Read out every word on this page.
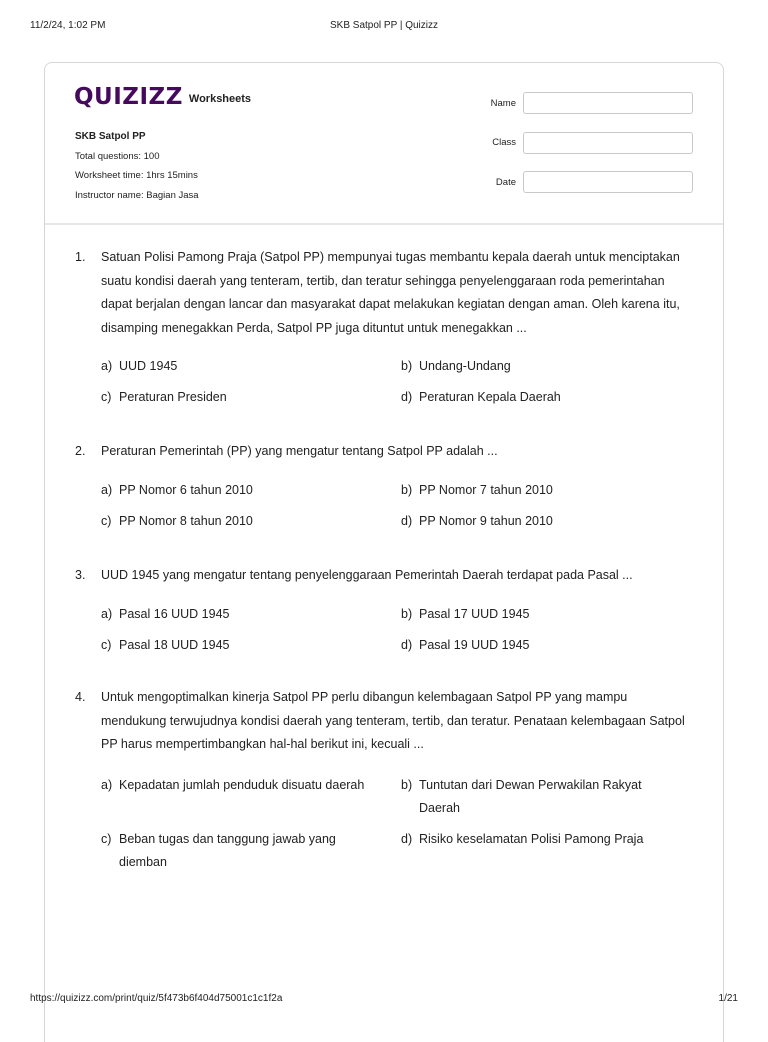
11/2/24, 1:02 PM	SKB Satpol PP | Quizizz
QUIZIZZ Worksheets
SKB Satpol PP
Total questions: 100
Worksheet time: 1hrs 15mins
Instructor name: Bagian Jasa
Name
Class
Date
1. Satuan Polisi Pamong Praja (Satpol PP) mempunyai tugas membantu kepala daerah untuk menciptakan suatu kondisi daerah yang tenteram, tertib, dan teratur sehingga penyelenggaraan roda pemerintahan dapat berjalan dengan lancar dan masyarakat dapat melakukan kegiatan dengan aman. Oleh karena itu, disamping menegakkan Perda, Satpol PP juga dituntut untuk menegakkan ...
a) UUD 1945	b) Undang-Undang
c) Peraturan Presiden	d) Peraturan Kepala Daerah
2. Peraturan Pemerintah (PP) yang mengatur tentang Satpol PP adalah ...
a) PP Nomor 6 tahun 2010	b) PP Nomor 7 tahun 2010
c) PP Nomor 8 tahun 2010	d) PP Nomor 9 tahun 2010
3. UUD 1945 yang mengatur tentang penyelenggaraan Pemerintah Daerah terdapat pada Pasal ...
a) Pasal 16 UUD 1945	b) Pasal 17 UUD 1945
c) Pasal 18 UUD 1945	d) Pasal 19 UUD 1945
4. Untuk mengoptimalkan kinerja Satpol PP perlu dibangun kelembagaan Satpol PP yang mampu mendukung terwujudnya kondisi daerah yang tenteram, tertib, dan teratur. Penataan kelembagaan Satpol PP harus mempertimbangkan hal-hal berikut ini, kecuali ...
a) Kepadatan jumlah penduduk disuatu daerah	b) Tuntutan dari Dewan Perwakilan Rakyat Daerah
c) Beban tugas dan tanggung jawab yang diemban
d) Risiko keselamatan Polisi Pamong Praja
https://quizizz.com/print/quiz/5f473b6f404d75001c1c1f2a	1/21
